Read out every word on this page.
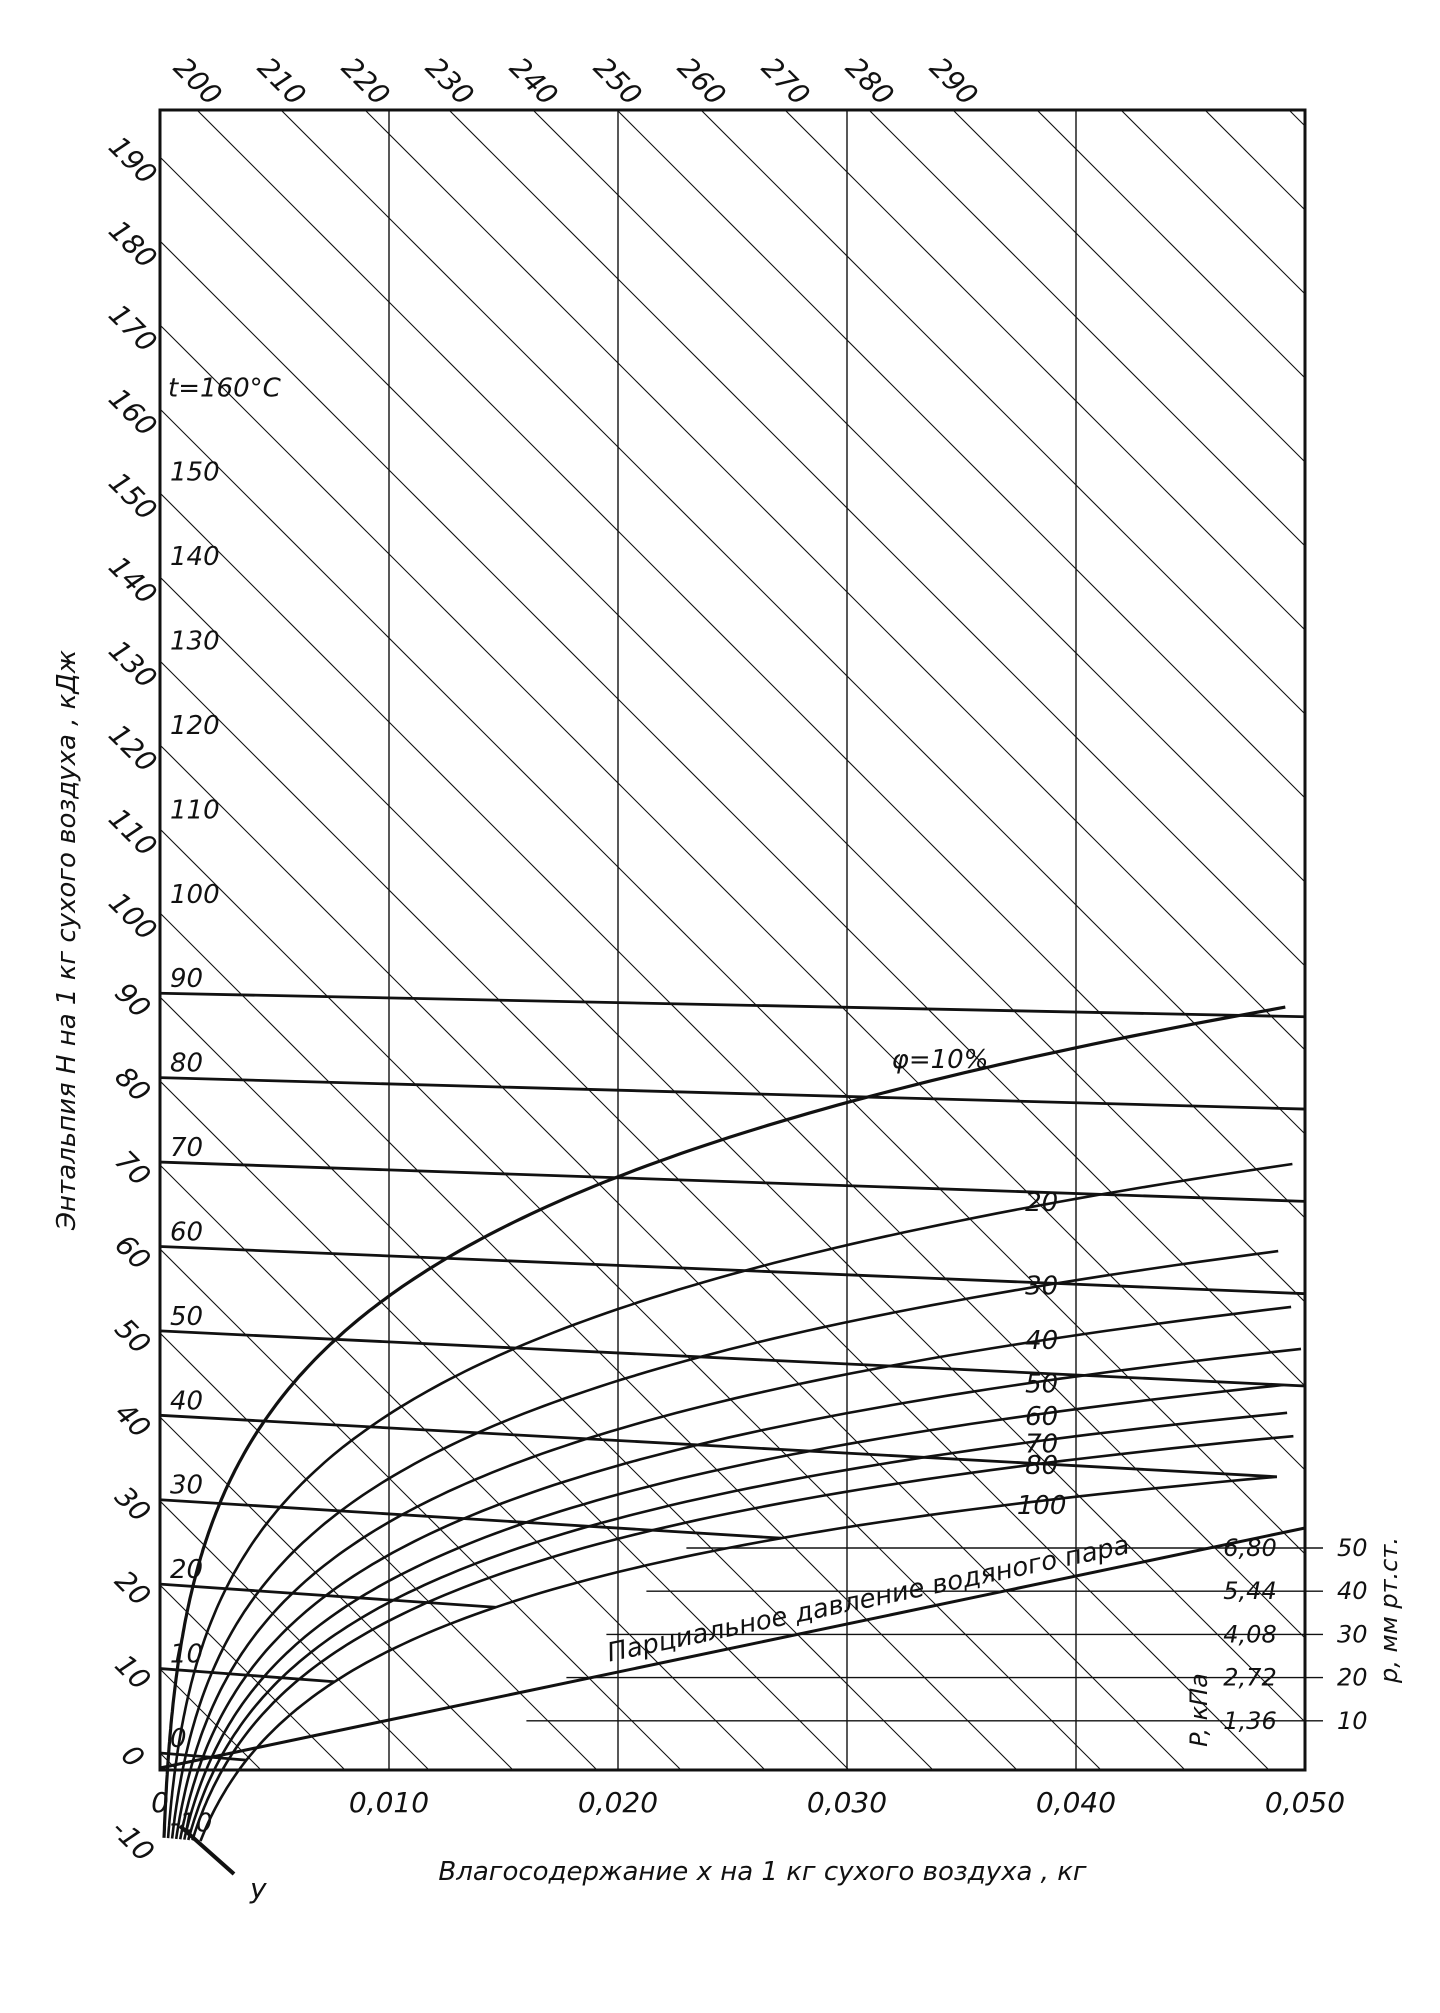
1,36	10
2,72	20
4,08	30
5,44	40
6,80	50
Парциальное давление водяного пара
P, кПа
p, мм рт.ст.
0	0,010	0,020	0,030	0,040	0,050
y
-10
0
10
20
30
40
50
60
70
80
90
100
110
120
130
140
150
160
170
180
190
200 210 220 230 240 250 260 270 280 290
-10
0
10
20
30
40
50
60
70
80
90
100
110
120
130
140
150
t=160°C
φ=10%
20
30
40
50
60
70
80
100
Энтальпия H на 1 кг сухого воздуха , кДж
Влагосодержание x на 1 кг сухого воздуха , кг
